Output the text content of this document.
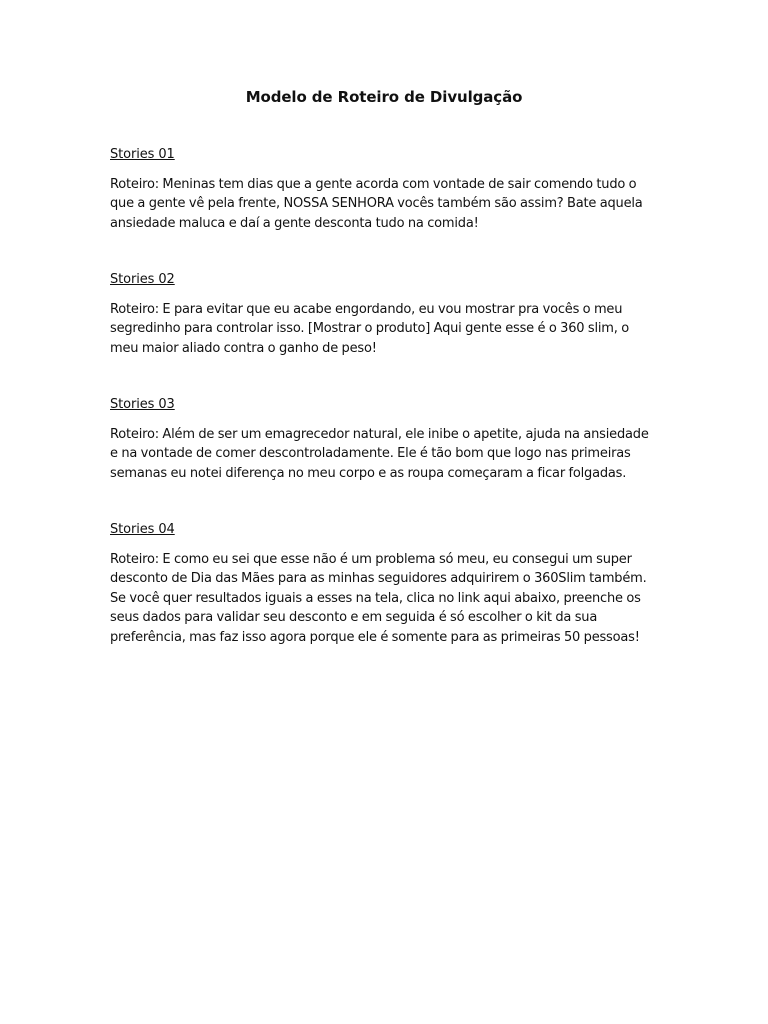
Modelo de Roteiro de Divulgação
Stories 01
Roteiro: Meninas tem dias que a gente acorda com vontade de sair comendo tudo o que a gente vê pela frente, NOSSA SENHORA vocês também são assim? Bate aquela ansiedade maluca e daí a gente desconta tudo na comida!
Stories 02
Roteiro: E para evitar que eu acabe engordando, eu vou mostrar pra vocês o meu segredinho para controlar isso. [Mostrar o produto] Aqui gente esse é o 360 slim, o meu maior aliado contra o ganho de peso!
Stories 03
Roteiro: Além de ser um emagrecedor natural, ele inibe o apetite, ajuda na ansiedade e na vontade de comer descontroladamente. Ele é tão bom que logo nas primeiras semanas eu notei diferença no meu corpo e as roupa começaram a ficar folgadas.
Stories 04
Roteiro: E como eu sei que esse não é um problema só meu, eu consegui um super desconto de Dia das Mães para as minhas seguidores adquirirem o 360Slim também. Se você quer resultados iguais a esses na tela, clica no link aqui abaixo, preenche os seus dados para validar seu desconto e em seguida é só escolher o kit da sua preferência, mas faz isso agora porque ele é somente para as primeiras 50 pessoas!
